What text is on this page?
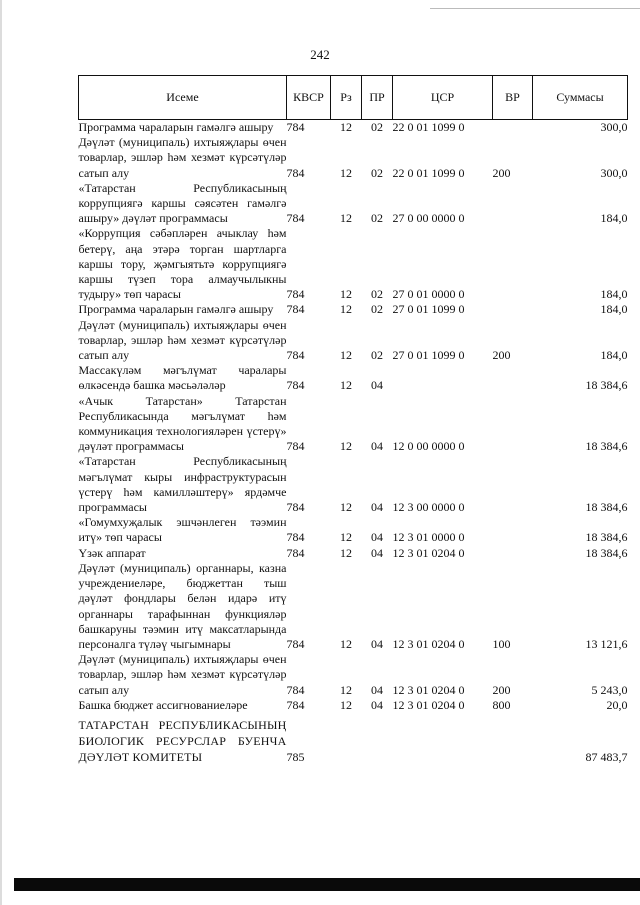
242
Исеме	КВСР	Рз	ПР	ЦСР	ВР	Суммасы
Программа чараларын гамәлгә ашыру	784	12	02	22 0 01 1099 0		300,0
Дәүләт (муниципаль) ихтыяҗлары өчен товарлар, эшләр һәм хезмәт күрсәтүләр сатып алу	784	12	02	22 0 01 1099 0	200	300,0
«Татарстан Республикасының коррупциягә каршы сәясәтен гамәлгә ашыру» дәүләт программасы	784	12	02	27 0 00 0000 0		184,0
«Коррупция сәбәпләрен ачыклау һәм бетерү, аңа этәрә торган шартларга каршы тору, җәмгыятьтә коррупциягә каршы түзеп тора алмаучылыкны тудыру» төп чарасы	784	12	02	27 0 01 0000 0		184,0
Программа чараларын гамәлгә ашыру	784	12	02	27 0 01 1099 0		184,0
Дәүләт (муниципаль) ихтыяҗлары өчен товарлар, эшләр һәм хезмәт күрсәтүләр сатып алу	784	12	02	27 0 01 1099 0	200	184,0
Массакүләм мәгълүмат чаралары өлкәсендә башка мәсьәләләр	784	12	04			18 384,6
«Ачык Татарстан» Татарстан Республикасында мәгълүмат һәм коммуникация технологияләрен үстерү» дәүләт программасы	784	12	04	12 0 00 0000 0		18 384,6
«Татарстан Республикасының мәгълүмат кыры инфраструктурасын үстерү һәм камилләштерү» ярдәмче программасы	784	12	04	12 3 00 0000 0		18 384,6
«Гомумхуҗалык эшчәнлеген тәэмин итү» төп чарасы	784	12	04	12 3 01 0000 0		18 384,6
Үзәк аппарат	784	12	04	12 3 01 0204 0		18 384,6
Дәүләт (муниципаль) органнары, казна учреждениеләре, бюджеттан тыш дәүләт фондлары белән идарә итү органнары тарафыннан функцияләр башкаруны тәэмин итү максатларында персоналга түләү чыгымнары	784	12	04	12 3 01 0204 0	100	13 121,6
Дәүләт (муниципаль) ихтыяҗлары өчен товарлар, эшләр һәм хезмәт күрсәтүләр сатып алу	784	12	04	12 3 01 0204 0	200	5 243,0
Башка бюджет ассигнованиеләре	784	12	04	12 3 01 0204 0	800	20,0
ТАТАРСТАН РЕСПУБЛИКАСЫНЫҢ БИОЛОГИК РЕСУРСЛАР БУЕНЧА ДӘҮЛӘТ КОМИТЕТЫ	785					87 483,7
